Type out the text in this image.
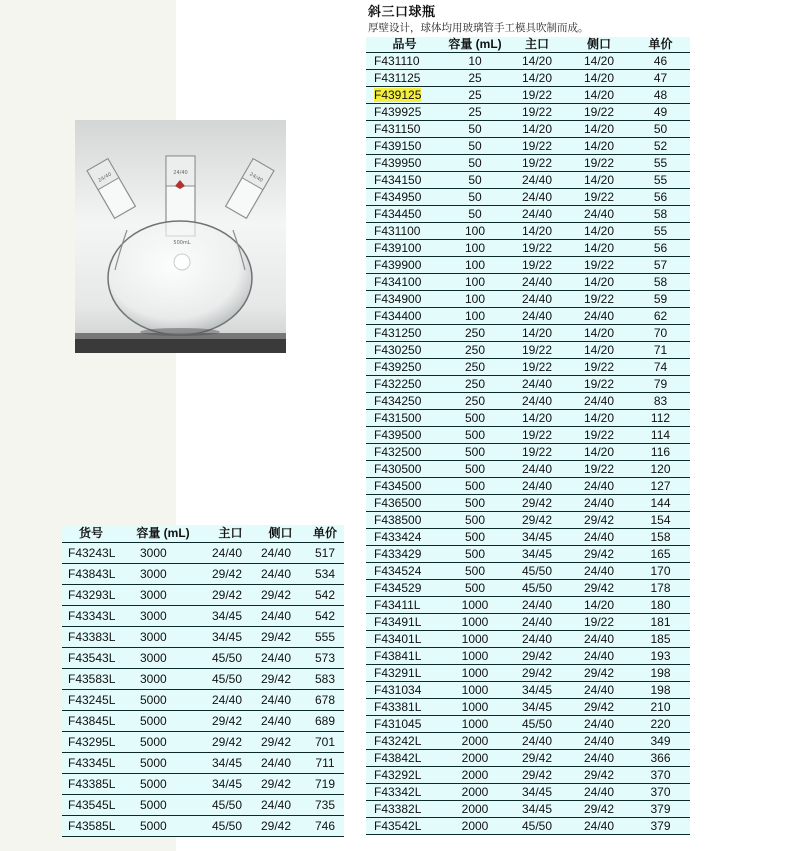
24/40	24/40
24/40
500mL
斜三口球瓶
厚壁设计，球体均用玻璃管手工模具吹制而成。
品号	容量 (mL)	主口	侧口	单价
F431110	10	14/20	14/20	46
F431125	25	14/20	14/20	47
F439125	25	19/22	14/20	48
F439925	25	19/22	19/22	49
F431150	50	14/20	14/20	50
F439150	50	19/22	14/20	52
F439950	50	19/22	19/22	55
F434150	50	24/40	14/20	55
F434950	50	24/40	19/22	56
F434450	50	24/40	24/40	58
F431100	100	14/20	14/20	55
F439100	100	19/22	14/20	56
F439900	100	19/22	19/22	57
F434100	100	24/40	14/20	58
F434900	100	24/40	19/22	59
F434400	100	24/40	24/40	62
F431250	250	14/20	14/20	70
F430250	250	19/22	14/20	71
F439250	250	19/22	19/22	74
F432250	250	24/40	19/22	79
F434250	250	24/40	24/40	83
F431500	500	14/20	14/20	112
F439500	500	19/22	19/22	114
F432500	500	19/22	14/20	116
F430500	500	24/40	19/22	120
F434500	500	24/40	24/40	127
F436500	500	29/42	24/40	144
F438500	500	29/42	29/42	154
F433424	500	34/45	24/40	158
F433429	500	34/45	29/42	165
F434524	500	45/50	24/40	170
F434529	500	45/50	29/42	178
F43411L	1000	24/40	14/20	180
F43491L	1000	24/40	19/22	181
F43401L	1000	24/40	24/40	185
F43841L	1000	29/42	24/40	193
F43291L	1000	29/42	29/42	198
F431034	1000	34/45	24/40	198
F43381L	1000	34/45	29/42	210
F431045	1000	45/50	24/40	220
F43242L	2000	24/40	24/40	349
F43842L	2000	29/42	24/40	366
F43292L	2000	29/42	29/42	370
F43342L	2000	34/45	24/40	370
F43382L	2000	34/45	29/42	379
F43542L	2000	45/50	24/40	379
货号	容量 (mL)	主口	侧口	单价
F43243L	3000	24/40	24/40	517
F43843L	3000	29/42	24/40	534
F43293L	3000	29/42	29/42	542
F43343L	3000	34/45	24/40	542
F43383L	3000	34/45	29/42	555
F43543L	3000	45/50	24/40	573
F43583L	3000	45/50	29/42	583
F43245L	5000	24/40	24/40	678
F43845L	5000	29/42	24/40	689
F43295L	5000	29/42	29/42	701
F43345L	5000	34/45	24/40	711
F43385L	5000	34/45	29/42	719
F43545L	5000	45/50	24/40	735
F43585L	5000	45/50	29/42	746
